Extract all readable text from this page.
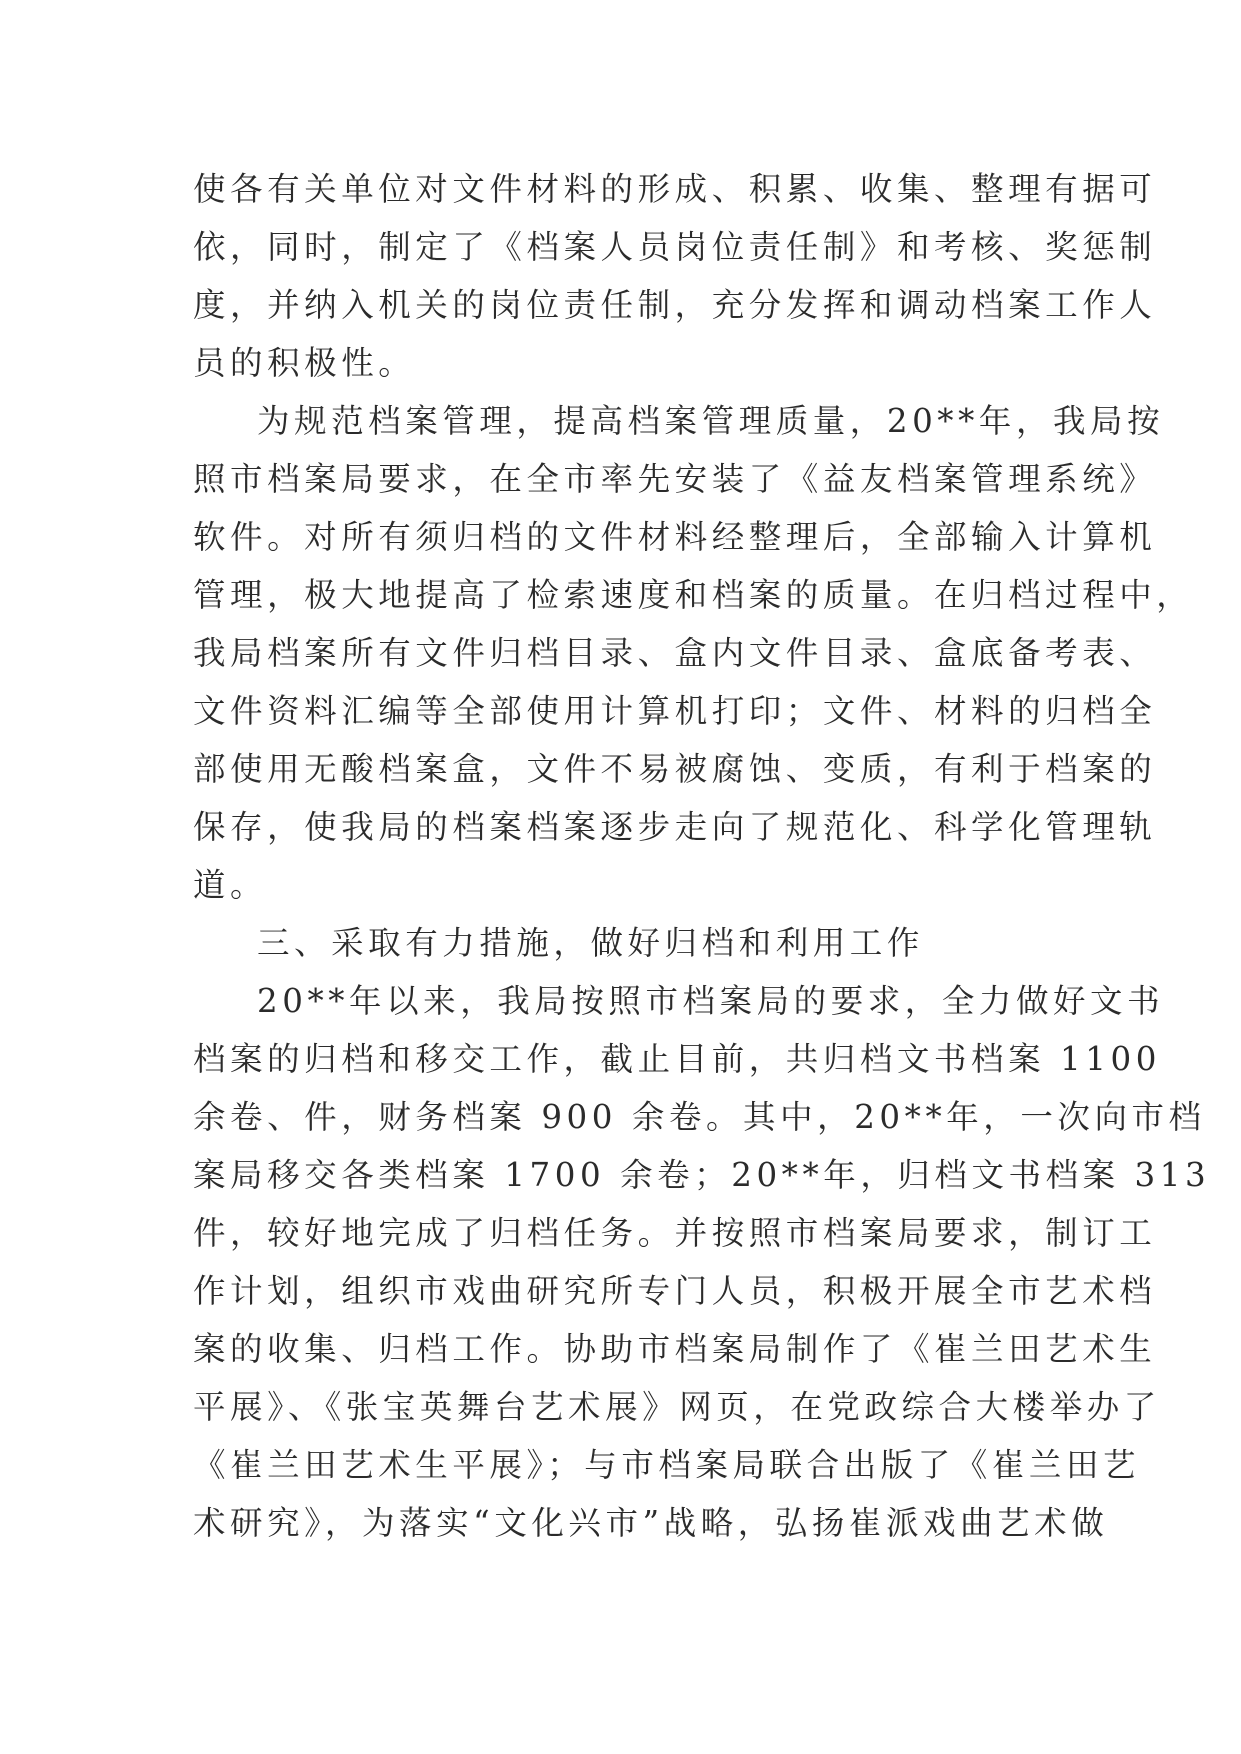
使各有关单位对文件材料的形成、积累、收集、整理有据可
依，同时，制定了《档案人员岗位责任制》和考核、奖惩制
度，并纳入机关的岗位责任制，充分发挥和调动档案工作人
员的积极性。
为规范档案管理，提高档案管理质量，20**年，我局按
照市档案局要求，在全市率先安装了《益友档案管理系统》
软件。对所有须归档的文件材料经整理后，全部输入计算机
管理，极大地提高了检索速度和档案的质量。在归档过程中，
我局档案所有文件归档目录、盒内文件目录、盒底备考表、
文件资料汇编等全部使用计算机打印；文件、材料的归档全
部使用无酸档案盒，文件不易被腐蚀、变质，有利于档案的
保存，使我局的档案档案逐步走向了规范化、科学化管理轨
道。
三、采取有力措施，做好归档和利用工作
20**年以来，我局按照市档案局的要求，全力做好文书
档案的归档和移交工作，截止目前，共归档文书档案 1100
余卷、件，财务档案 900 余卷。其中，20**年，一次向市档
案局移交各类档案 1700 余卷；20**年，归档文书档案 313
件，较好地完成了归档任务。并按照市档案局要求，制订工
作计划，组织市戏曲研究所专门人员，积极开展全市艺术档
案的收集、归档工作。协助市档案局制作了《崔兰田艺术生
平展》、《张宝英舞台艺术展》网页，在党政综合大楼举办了
《崔兰田艺术生平展》；与市档案局联合出版了《崔兰田艺
术研究》，为落实“文化兴市”战略，弘扬崔派戏曲艺术做
